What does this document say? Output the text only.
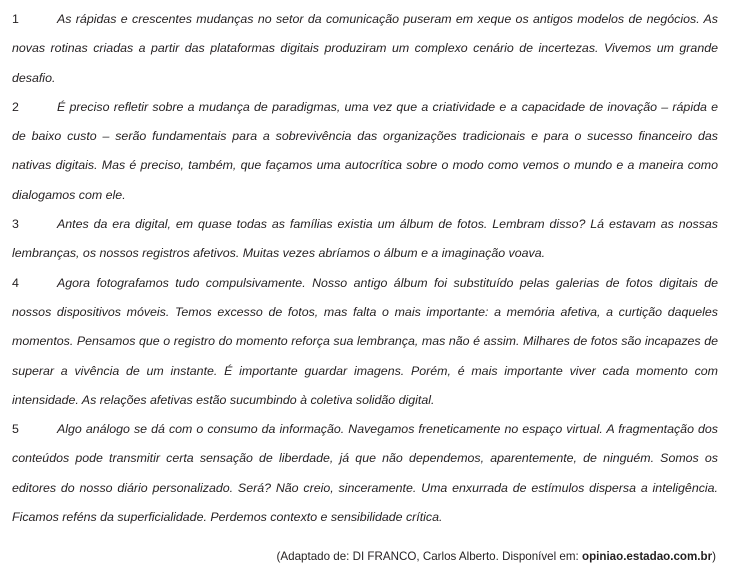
1	As rápidas e crescentes mudanças no setor da comunicação puseram em xeque os antigos modelos de negócios. As novas rotinas criadas a partir das plataformas digitais produziram um complexo cenário de incertezas. Vivemos um grande desafio.

2	É preciso refletir sobre a mudança de paradigmas, uma vez que a criatividade e a capacidade de inovação – rápida e de baixo custo – serão fundamentais para a sobrevivência das organizações tradicionais e para o sucesso financeiro das nativas digitais. Mas é preciso, também, que façamos uma autocrítica sobre o modo como vemos o mundo e a maneira como dialogamos com ele.

3	Antes da era digital, em quase todas as famílias existia um álbum de fotos. Lembram disso? Lá estavam as nossas lembranças, os nossos registros afetivos. Muitas vezes abríamos o álbum e a imaginação voava.

4	Agora fotografamos tudo compulsivamente. Nosso antigo álbum foi substituído pelas galerias de fotos digitais de nossos dispositivos móveis. Temos excesso de fotos, mas falta o mais importante: a memória afetiva, a curtição daqueles momentos. Pensamos que o registro do momento reforça sua lembrança, mas não é assim. Milhares de fotos são incapazes de superar a vivência de um instante. É importante guardar imagens. Porém, é mais importante viver cada momento com intensidade. As relações afetivas estão sucumbindo à coletiva solidão digital.

5	Algo análogo se dá com o consumo da informação. Navegamos freneticamente no espaço virtual. A fragmentação dos conteúdos pode transmitir certa sensação de liberdade, já que não dependemos, aparentemente, de ninguém. Somos os editores do nosso diário personalizado. Será? Não creio, sinceramente. Uma enxurrada de estímulos dispersa a inteligência. Ficamos reféns da superficialidade. Perdemos contexto e sensibilidade crítica.

(Adaptado de: DI FRANCO, Carlos Alberto. Disponível em: opiniao.estadao.com.br)
